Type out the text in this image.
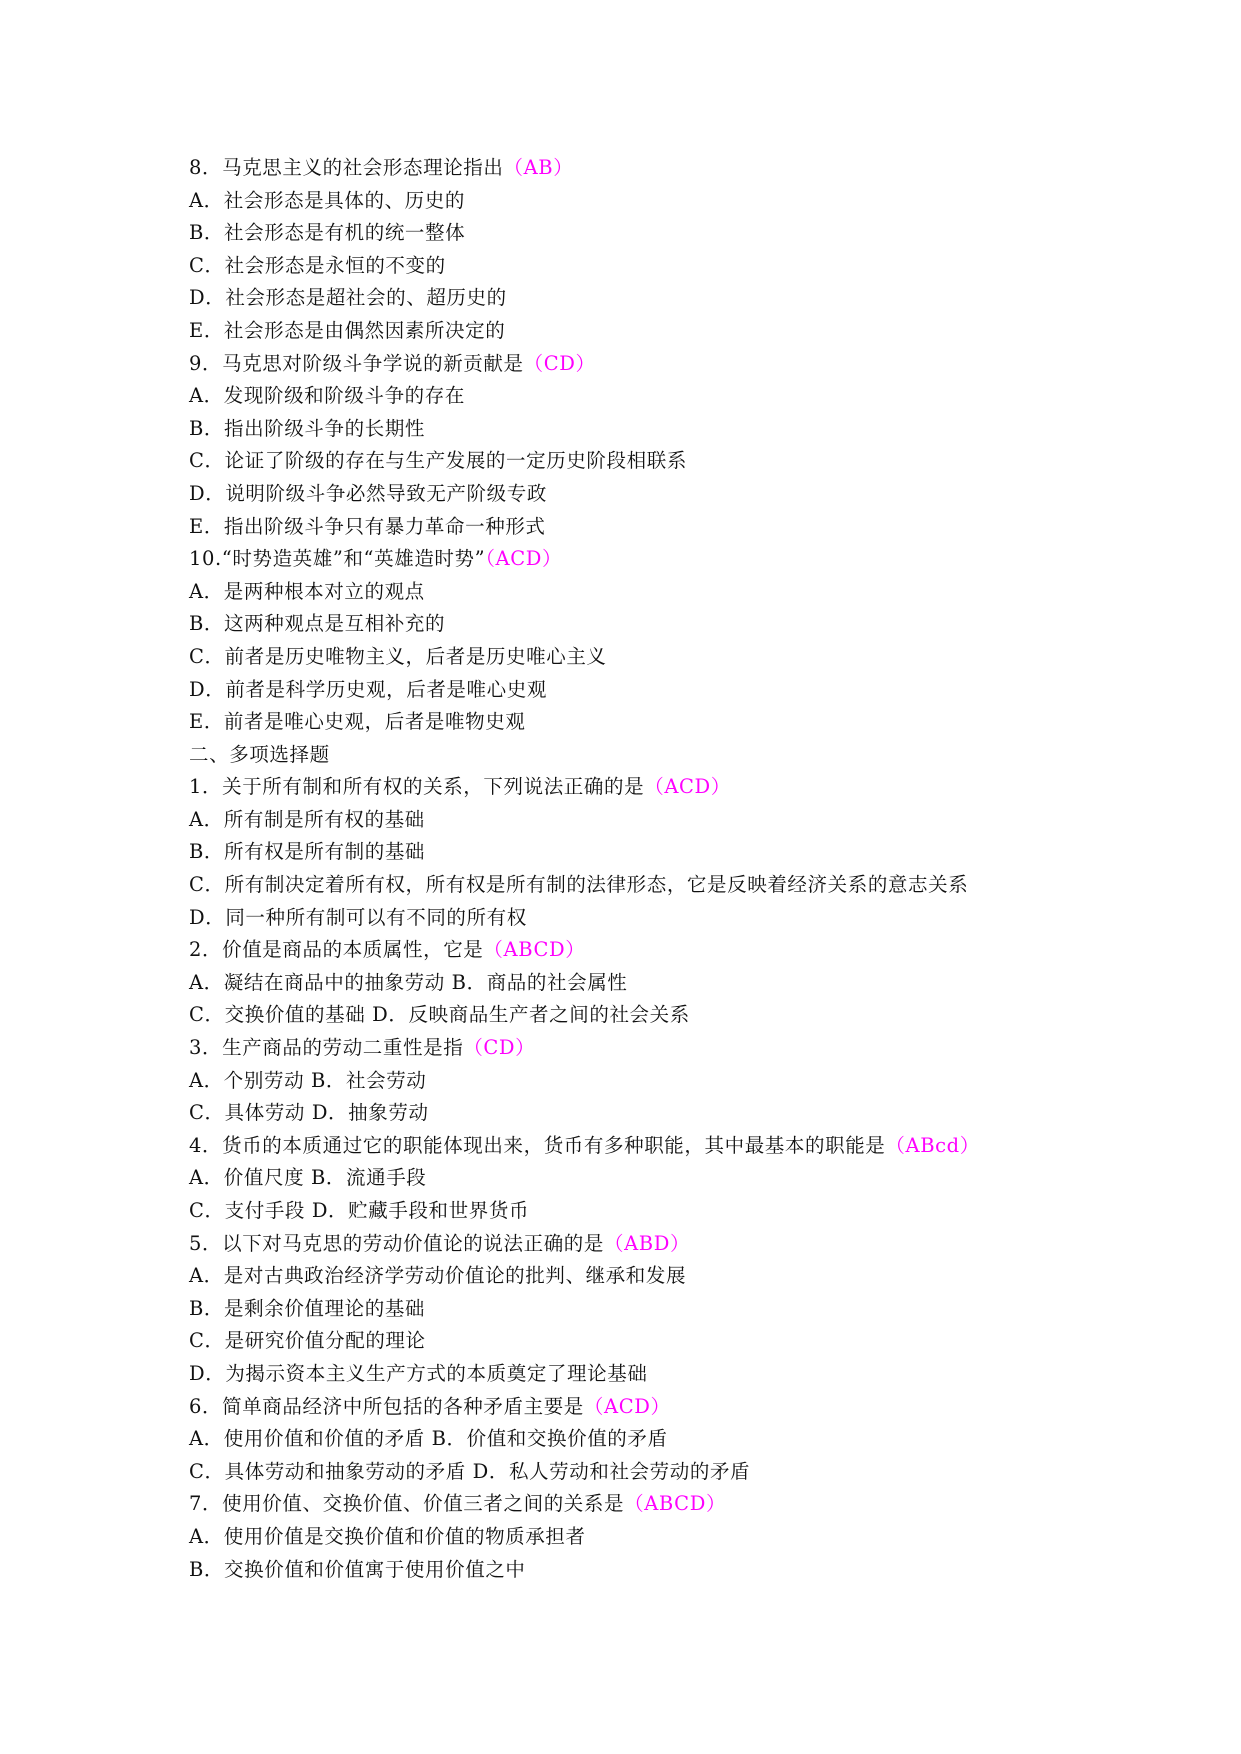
8．马克思主义的社会形态理论指出（AB）
A．社会形态是具体的、历史的
B．社会形态是有机的统一整体
C．社会形态是永恒的不变的
D．社会形态是超社会的、超历史的
E．社会形态是由偶然因素所决定的
9．马克思对阶级斗争学说的新贡献是（CD）
A．发现阶级和阶级斗争的存在
B．指出阶级斗争的长期性
C．论证了阶级的存在与生产发展的一定历史阶段相联系
D．说明阶级斗争必然导致无产阶级专政
E．指出阶级斗争只有暴力革命一种形式
10.“时势造英雄”和“英雄造时势”（ACD）
A．是两种根本对立的观点
B．这两种观点是互相补充的
C．前者是历史唯物主义，后者是历史唯心主义
D．前者是科学历史观，后者是唯心史观
E．前者是唯心史观，后者是唯物史观
二、多项选择题
1．关于所有制和所有权的关系，下列说法正确的是（ACD）
A．所有制是所有权的基础
B．所有权是所有制的基础
C．所有制决定着所有权，所有权是所有制的法律形态，它是反映着经济关系的意志关系
D．同一种所有制可以有不同的所有权
2．价值是商品的本质属性，它是（ABCD）
A．凝结在商品中的抽象劳动 B．商品的社会属性
C．交换价值的基础 D．反映商品生产者之间的社会关系
3．生产商品的劳动二重性是指（CD）
A．个别劳动 B．社会劳动
C．具体劳动 D．抽象劳动
4．货币的本质通过它的职能体现出来，货币有多种职能，其中最基本的职能是（ABcd）
A．价值尺度 B．流通手段
C．支付手段 D．贮藏手段和世界货币
5．以下对马克思的劳动价值论的说法正确的是（ABD）
A．是对古典政治经济学劳动价值论的批判、继承和发展
B．是剩余价值理论的基础
C．是研究价值分配的理论
D．为揭示资本主义生产方式的本质奠定了理论基础
6．简单商品经济中所包括的各种矛盾主要是（ACD）
A．使用价值和价值的矛盾 B．价值和交换价值的矛盾
C．具体劳动和抽象劳动的矛盾 D．私人劳动和社会劳动的矛盾
7．使用价值、交换价值、价值三者之间的关系是（ABCD）
A．使用价值是交换价值和价值的物质承担者
B．交换价值和价值寓于使用价值之中
